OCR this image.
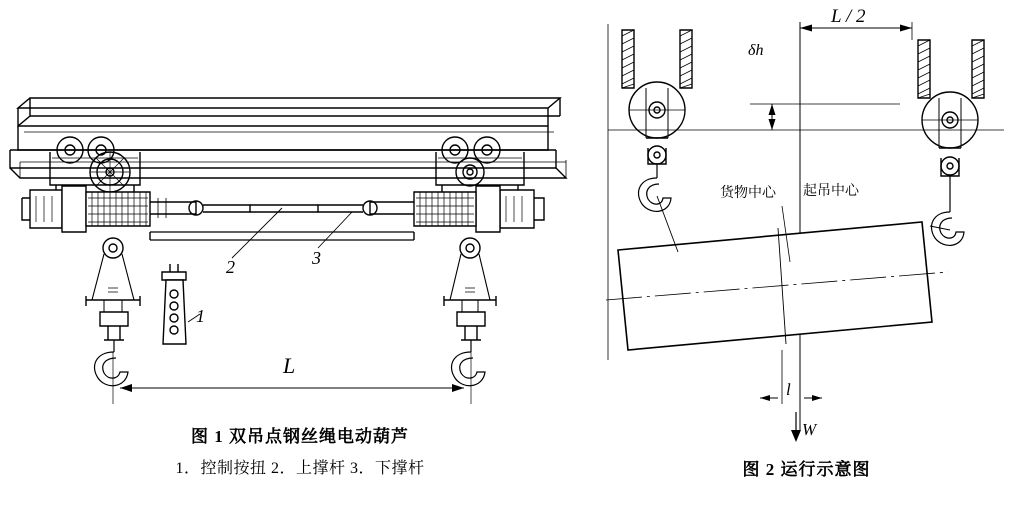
1
2	3
L
L / 2
δh
货物中心 起吊中心
l
W
图 1 双吊点钢丝绳电动葫芦
1．控制按扭 2．上撑杆 3．下撑杆	图 2 运行示意图
